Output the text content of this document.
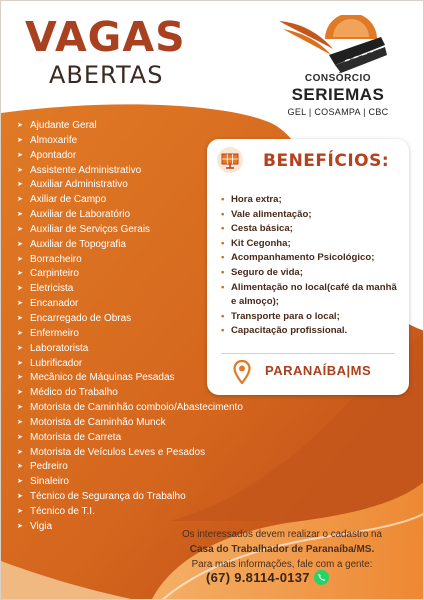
VAGAS
ABERTAS	CONSÓRCIO
SERIEMAS
GEL | COSAMPA | CBC
➤ Ajudante Geral
➤ Almoxarife
➤ Apontador
➤ Assistente Administrativo
➤ Auxiliar Administrativo
➤ Axiliar de Campo
➤ Auxiliar de Laboratório
➤ Auxiliar de Serviços Gerais
➤ Auxiliar de Topografia
➤ Borracheiro
➤ Carpinteiro
➤ Eletricista
➤ Encanador
➤ Encarregado de Obras
➤ Enfermeiro
➤ Laboratorista
➤ Lubrificador
➤ Mecânico de Máquinas Pesadas
➤ Médico do Trabalho
➤ Motorista de Caminhão comboio/Abastecimento
➤ Motorista de Caminhão Munck
➤ Motorista de Carreta
➤ Motorista de Veículos Leves e Pesados
➤ Pedreiro
➤ Sinaleiro
➤ Técnico de Segurança do Trabalho
➤ Técnico de T.I.
➤ Vigia
BENEFÍCIOS:
• Hora extra;
• Vale alimentação;
• Cesta básica;
• Kit Cegonha;
• Acompanhamento Psicológico;
• Seguro de vida;
• Alimentação no local(café da manhã e almoço);
• Transporte para o local;
• Capacitação profissional.
PARANAÍBA|MS
Os interessados devem realizar o cadastro na
Casa do Trabalhador de Paranaíba/MS.
Para mais informações, fale com a gente:
(67) 9.8114-0137
